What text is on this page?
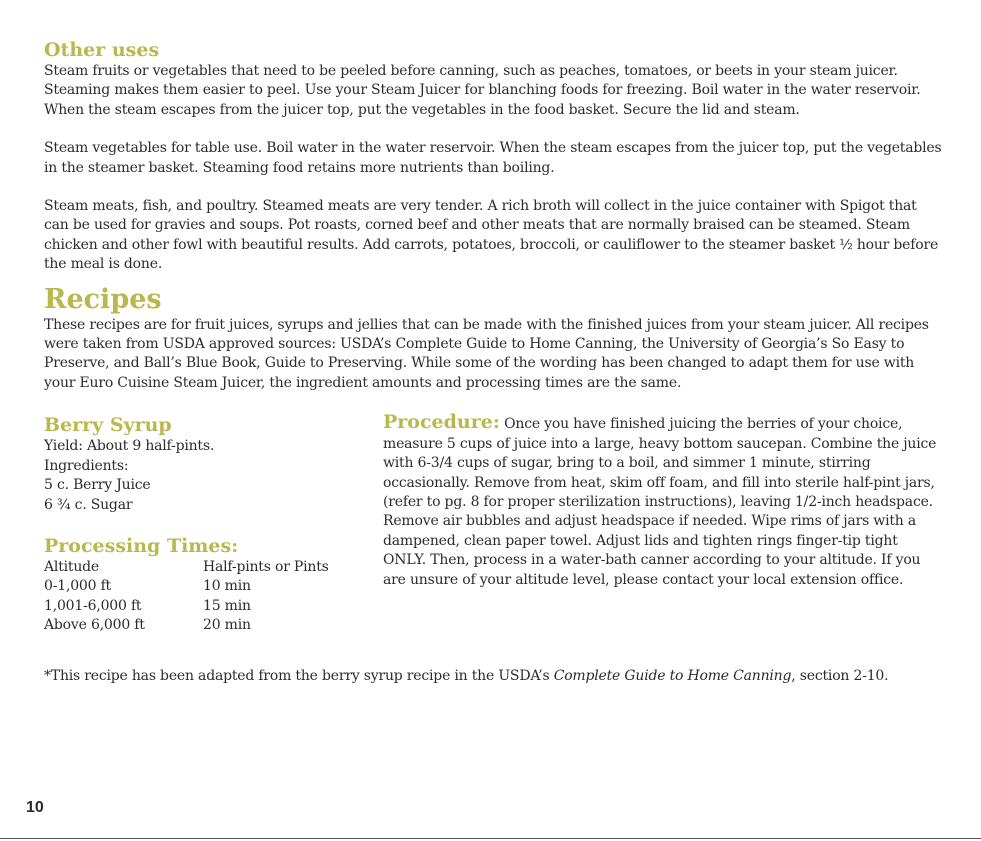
Other uses

Steam fruits or vegetables that need to be peeled before canning, such as peaches, tomatoes, or beets in your steam juicer. Steaming makes them easier to peel. Use your Steam Juicer for blanching foods for freezing. Boil water in the water reservoir. When the steam escapes from the juicer top, put the vegetables in the food basket. Secure the lid and steam.

Steam vegetables for table use. Boil water in the water reservoir. When the steam escapes from the juicer top, put the vegetables in the steamer basket. Steaming food retains more nutrients than boiling.

Steam meats, fish, and poultry. Steamed meats are very tender. A rich broth will collect in the juice container with Spigot that can be used for gravies and soups. Pot roasts, corned beef and other meats that are normally braised can be steamed. Steam chicken and other fowl with beautiful results. Add carrots, potatoes, broccoli, or cauliflower to the steamer basket ½ hour before the meal is done.

Recipes

These recipes are for fruit juices, syrups and jellies that can be made with the finished juices from your steam juicer. All recipes were taken from USDA approved sources: USDA’s Complete Guide to Home Canning, the University of Georgia’s So Easy to Preserve, and Ball’s Blue Book, Guide to Preserving. While some of the wording has been changed to adapt them for use with your Euro Cuisine Steam Juicer, the ingredient amounts and processing times are the same.

Berry Syrup

Yield: About 9 half-pints.

Ingredients:

5 c. Berry Juice

6 ¾ c. Sugar

Processing Times:
Altitude	Half-pints or Pints
0-1,000 ft	10 min
1,001-6,000 ft	15 min
Above 6,000 ft	20 min

Procedure: Once you have finished juicing the berries of your choice, measure 5 cups of juice into a large, heavy bottom saucepan. Combine the juice with 6-3/4 cups of sugar, bring to a boil, and simmer 1 minute, stirring occasionally. Remove from heat, skim off foam, and fill into sterile half-pint jars, (refer to pg. 8 for proper sterilization instructions), leaving 1/2-inch headspace. Remove air bubbles and adjust headspace if needed. Wipe rims of jars with a dampened, clean paper towel. Adjust lids and tighten rings finger-tip tight ONLY. Then, process in a water-bath canner according to your altitude. If you are unsure of your altitude level, please contact your local extension office.

*This recipe has been adapted from the berry syrup recipe in the USDA’s Complete Guide to Home Canning, section 2-10.

10
